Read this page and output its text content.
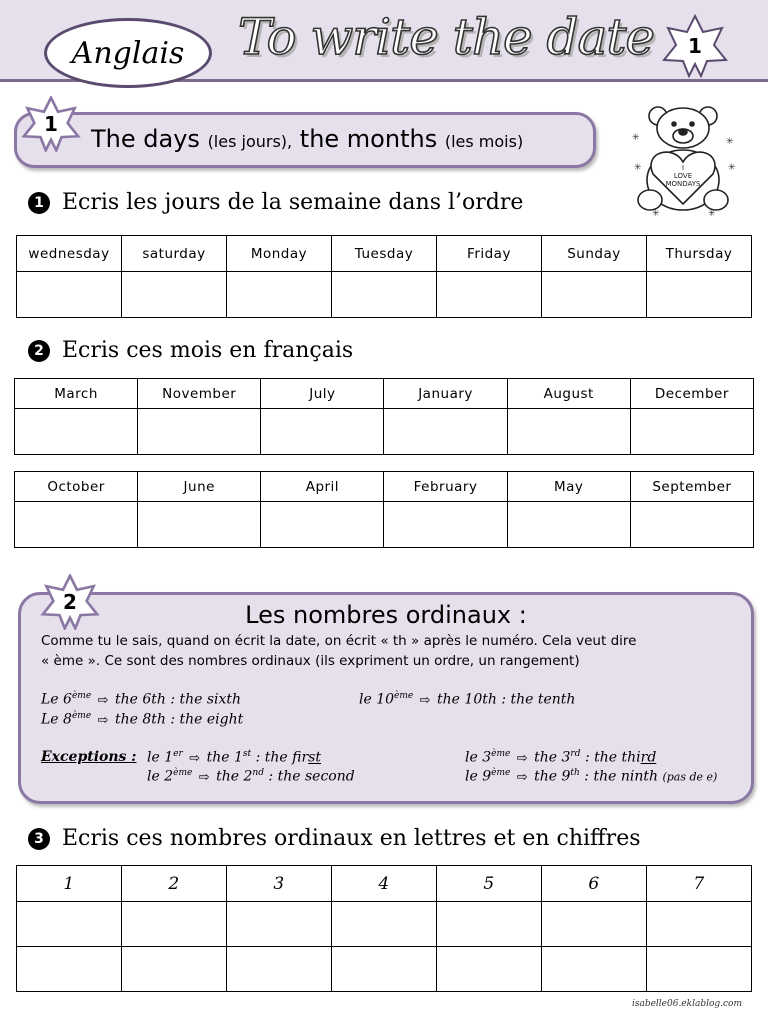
Anglais	To write the date	1
The days (les jours), the months (les mois)
1
I
LOVE
MONDAYS
✳	✳
✳	✳
✳	✳
1 Ecris les jours de la semaine dans l’ordre
wednesday	saturday	Monday	Tuesday	Friday	Sunday	Thursday

2 Ecris ces mois en français
March	November	July	January	August	December

October	June	April	February	May	September

Les nombres ordinaux :
Comme tu le sais, quand on écrit la date, on écrit « th » après le numéro. Cela veut dire
« ème ». Ce sont des nombres ordinaux (ils expriment un ordre, un rangement)
Le 6ème ⇨ the 6th : the sixth	le 10ème ⇨ the 10th : the tenth
Le 8ème ⇨ the 8th : the eight
Exceptions : le 1er ⇨ the 1st : the first
le 2ème ⇨ the 2nd : the second
le 3ème ⇨ the 3rd : the third
le 9ème ⇨ the 9th : the ninth (pas de e)
2
3 Ecris ces nombres ordinaux en lettres et en chiffres
1	2	3	4	5	6	7

isabelle06.eklablog.com
